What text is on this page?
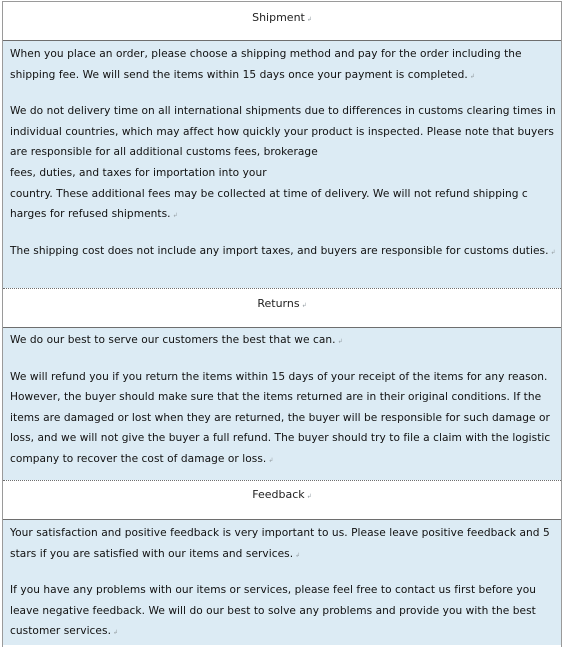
Shipment ↲

When you place an order, please choose a shipping method and pay for the order including the shipping fee. We will send the items within 15 days once your payment is completed. ↲

We do not delivery time on all international shipments due to differences in customs clearing times in individual countries, which may affect how quickly your product is inspected. Please note that buyers are responsible for all additional customs fees, brokerage
fees, duties, and taxes for importation into your
country. These additional fees may be collected at time of delivery. We will not refund shipping c harges for refused shipments. ↲

The shipping cost does not include any import taxes, and buyers are responsible for customs duties. ↲

Returns ↲

We do our best to serve our customers the best that we can. ↲

We will refund you if you return the items within 15 days of your receipt of the items for any reason. However, the buyer should make sure that the items returned are in their original conditions. If the items are damaged or lost when they are returned, the buyer will be responsible for such damage or loss, and we will not give the buyer a full refund. The buyer should try to file a claim with the logistic company to recover the cost of damage or loss. ↲

Feedback ↲

Your satisfaction and positive feedback is very important to us. Please leave positive feedback and 5 stars if you are satisfied with our items and services. ↲

If you have any problems with our items or services, please feel free to contact us first before you leave negative feedback. We will do our best to solve any problems and provide you with the best customer services. ↲
